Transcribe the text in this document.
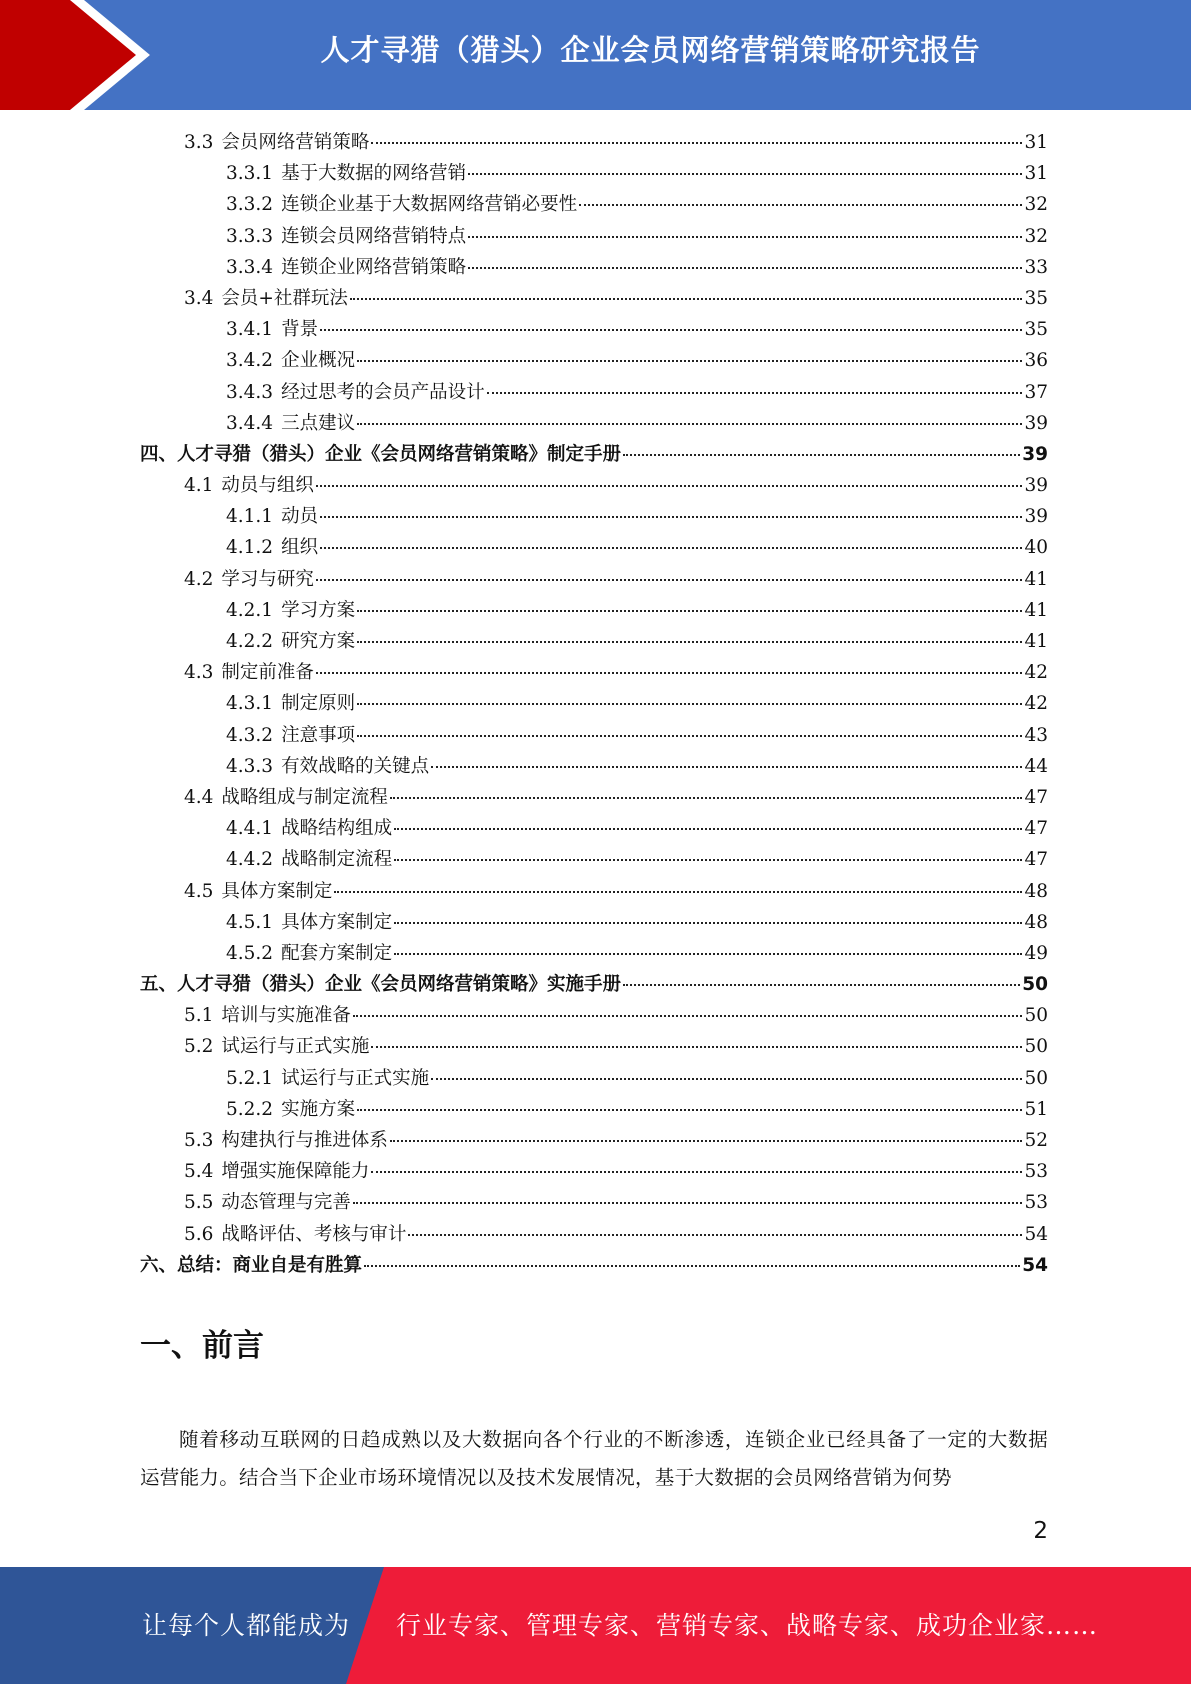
人才寻猎（猎头）企业会员网络营销策略研究报告
3.3 会员网络营销策略	31
3.3.1 基于大数据的网络营销	31
3.3.2 连锁企业基于大数据网络营销必要性	32
3.3.3 连锁会员网络营销特点	32
3.3.4 连锁企业网络营销策略	33
3.4 会员+社群玩法	35
3.4.1 背景	35
3.4.2 企业概况	36
3.4.3 经过思考的会员产品设计	37
3.4.4 三点建议	39
四、人才寻猎（猎头）企业《会员网络营销策略》制定手册	39
4.1 动员与组织	39
4.1.1 动员	39
4.1.2 组织	40
4.2 学习与研究	41
4.2.1 学习方案	41
4.2.2 研究方案	41
4.3 制定前准备	42
4.3.1 制定原则	42
4.3.2 注意事项	43
4.3.3 有效战略的关键点	44
4.4 战略组成与制定流程	47
4.4.1 战略结构组成	47
4.4.2 战略制定流程	47
4.5 具体方案制定	48
4.5.1 具体方案制定	48
4.5.2 配套方案制定	49
五、人才寻猎（猎头）企业《会员网络营销策略》实施手册	50
5.1 培训与实施准备	50
5.2 试运行与正式实施	50
5.2.1 试运行与正式实施	50
5.2.2 实施方案	51
5.3 构建执行与推进体系	52
5.4 增强实施保障能力	53
5.5 动态管理与完善	53
5.6 战略评估、考核与审计	54
六、总结：商业自是有胜算	54
一、前言

随着移动互联网的日趋成熟以及大数据向各个行业的不断渗透，连锁企业已经具备了一定的大数据运营能力。结合当下企业市场环境情况以及技术发展情况，基于大数据的会员网络营销为何势

2
让每个人都能成为 行业专家、管理专家、营销专家、战略专家、成功企业家……
